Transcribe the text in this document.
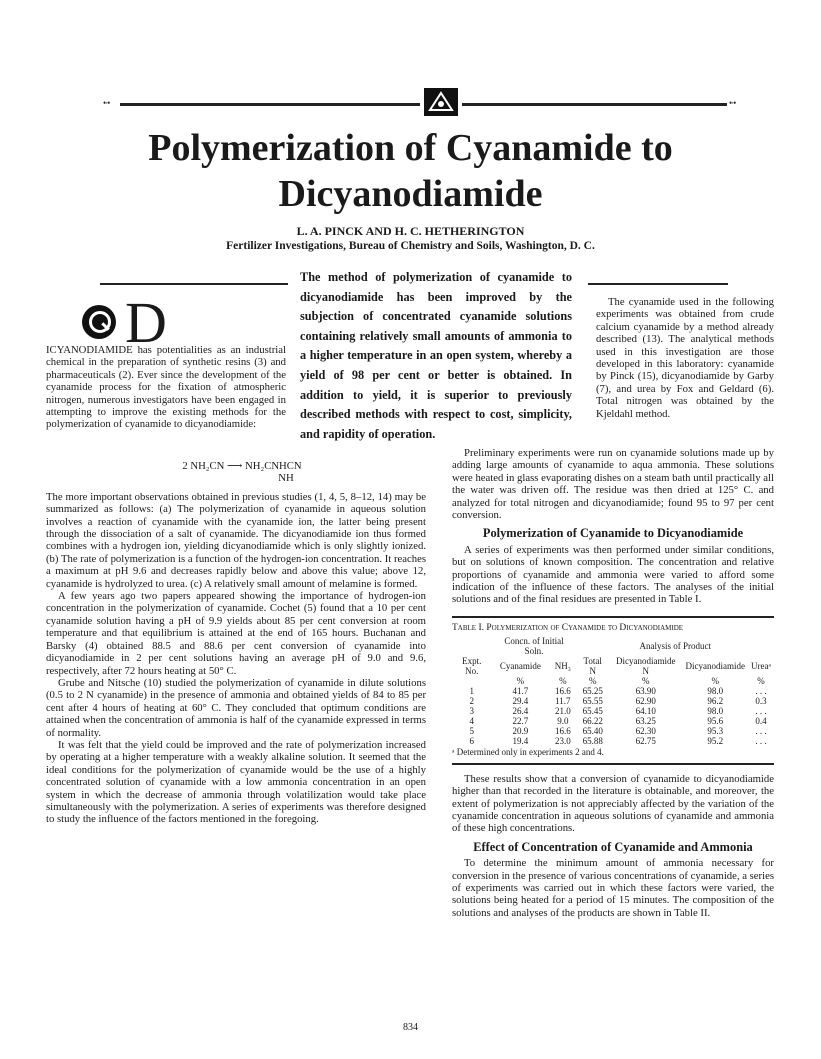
•·•	•·•
Polymerization of Cyanamide to
Dicyanodiamide
L. A. PINCK AND H. C. HETHERINGTON
Fertilizer Investigations, Bureau of Chemistry and Soils, Washington, D. C.
The method of polymerization of cyanamide to dicyanodiamide has been improved by the subjection of concentrated cyanamide solutions containing relatively small amounts of ammonia to a higher temperature in an open system, whereby a yield of 98 per cent or better is obtained. In addition to yield, it is superior to previously described methods with respect to cost, simplicity, and rapidity of operation.
D

ICYANODIAMIDE has potentialities as an industrial chemical in the preparation of synthetic resins (3) and pharmaceuticals (2). Ever since the development of the cyanamide process for the fixation of atmospheric nitrogen, numerous investigators have been engaged in attempting to improve the existing methods for the polymerization of cyanamide to dicyanodiamide:

2 NH₂CN ⟶ NH₂CNHCN
NH

The more important observations obtained in previous studies (1, 4, 5, 8–12, 14) may be summarized as follows: (a) The polymerization of cyanamide in aqueous solution involves a reaction of cyanamide with the cyanamide ion, the latter being present through the dissociation of a salt of cyanamide. The dicyanodiamide ion thus formed combines with a hydrogen ion, yielding dicyanodiamide which is only slightly ionized. (b) The rate of polymerization is a function of the hydrogen-ion concentration. It reaches a maximum at pH 9.6 and decreases rapidly below and above this value; above 12, cyanamide is hydrolyzed to urea. (c) A relatively small amount of melamine is formed.

A few years ago two papers appeared showing the importance of hydrogen-ion concentration in the polymerization of cyanamide. Cochet (5) found that a 10 per cent cyanamide solution having a pH of 9.9 yields about 85 per cent conversion at room temperature and that equilibrium is attained at the end of 165 hours. Buchanan and Barsky (4) obtained 88.5 and 88.6 per cent conversion of cyanamide into dicyanodiamide in 2 per cent solutions having an average pH of 9.0 and 9.6, respectively, after 72 hours heating at 50° C.

Grube and Nitsche (10) studied the polymerization of cyanamide in dilute solutions (0.5 to 2 N cyanamide) in the presence of ammonia and obtained yields of 84 to 85 per cent after 4 hours of heating at 60° C. They concluded that optimum conditions are attained when the concentration of ammonia is half of the cyanamide expressed in terms of normality.

It was felt that the yield could be improved and the rate of polymerization increased by operating at a higher temperature with a weakly alkaline solution. It seemed that the ideal conditions for the polymerization of cyanamide would be the use of a highly concentrated solution of cyanamide with a low ammonia concentration in an open system in which the decrease of ammonia through volatilization would take place simultaneously with the polymerization. A series of experiments was therefore designed to study the influence of the factors mentioned in the foregoing.

The cyanamide used in the following experiments was obtained from crude calcium cyanamide by a method already described (13). The analytical methods used in this investigation are those developed in this laboratory: cyanamide by Pinck (15), dicyanodiamide by Garby (7), and urea by Fox and Geldard (6). Total nitrogen was obtained by the Kjeldahl method.

Preliminary experiments were run on cyanamide solutions made up by adding large amounts of cyanamide to aqua ammonia. These solutions were heated in glass evaporating dishes on a steam bath until practically all the water was driven off. The residue was then dried at 125° C. and analyzed for total nitrogen and dicyanodiamide; found 95 to 97 per cent conversion.

Polymerization of Cyanamide to Dicyanodiamide

A series of experiments was then performed under similar conditions, but on solutions of known composition. The concentration and relative proportions of cyanamide and ammonia were varied to afford some indication of the influence of these factors. The analyses of the initial solutions and of the final residues are presented in Table I.

Table I. Polymerization of Cyanamide to Dicyanodiamide
	Concn. of Initial Soln.		Analysis of Product			
Expt. No.	Cyanamide	NH₃	Total N	Dicyanodiamide N	Dicyanodiamide	Ureaᵃ
	%	%	%	%	%	%
1	41.7	16.6	65.25	63.90	98.0	. . .
2	29.4	11.7	65.55	62.90	96.2	0.3
3	26.4	21.0	65.45	64.10	98.0	. . .
4	22.7	9.0	66.22	63.25	95.6	0.4
5	20.9	16.6	65.40	62.30	95.3	. . .
6	19.4	23.0	65.88	62.75	95.2	. . .
ᵃ Determined only in experiments 2 and 4.

These results show that a conversion of cyanamide to dicyanodiamide higher than that recorded in the literature is obtainable, and moreover, the extent of polymerization is not appreciably affected by the variation of the cyanamide concentration in aqueous solutions of cyanamide and ammonia of these high concentrations.

Effect of Concentration of Cyanamide and Ammonia

To determine the minimum amount of ammonia necessary for conversion in the presence of various concentrations of cyanamide, a series of experiments was carried out in which these factors were varied, the solutions being heated for a period of 15 minutes. The composition of the solutions and analyses of the products are shown in Table II.

834
